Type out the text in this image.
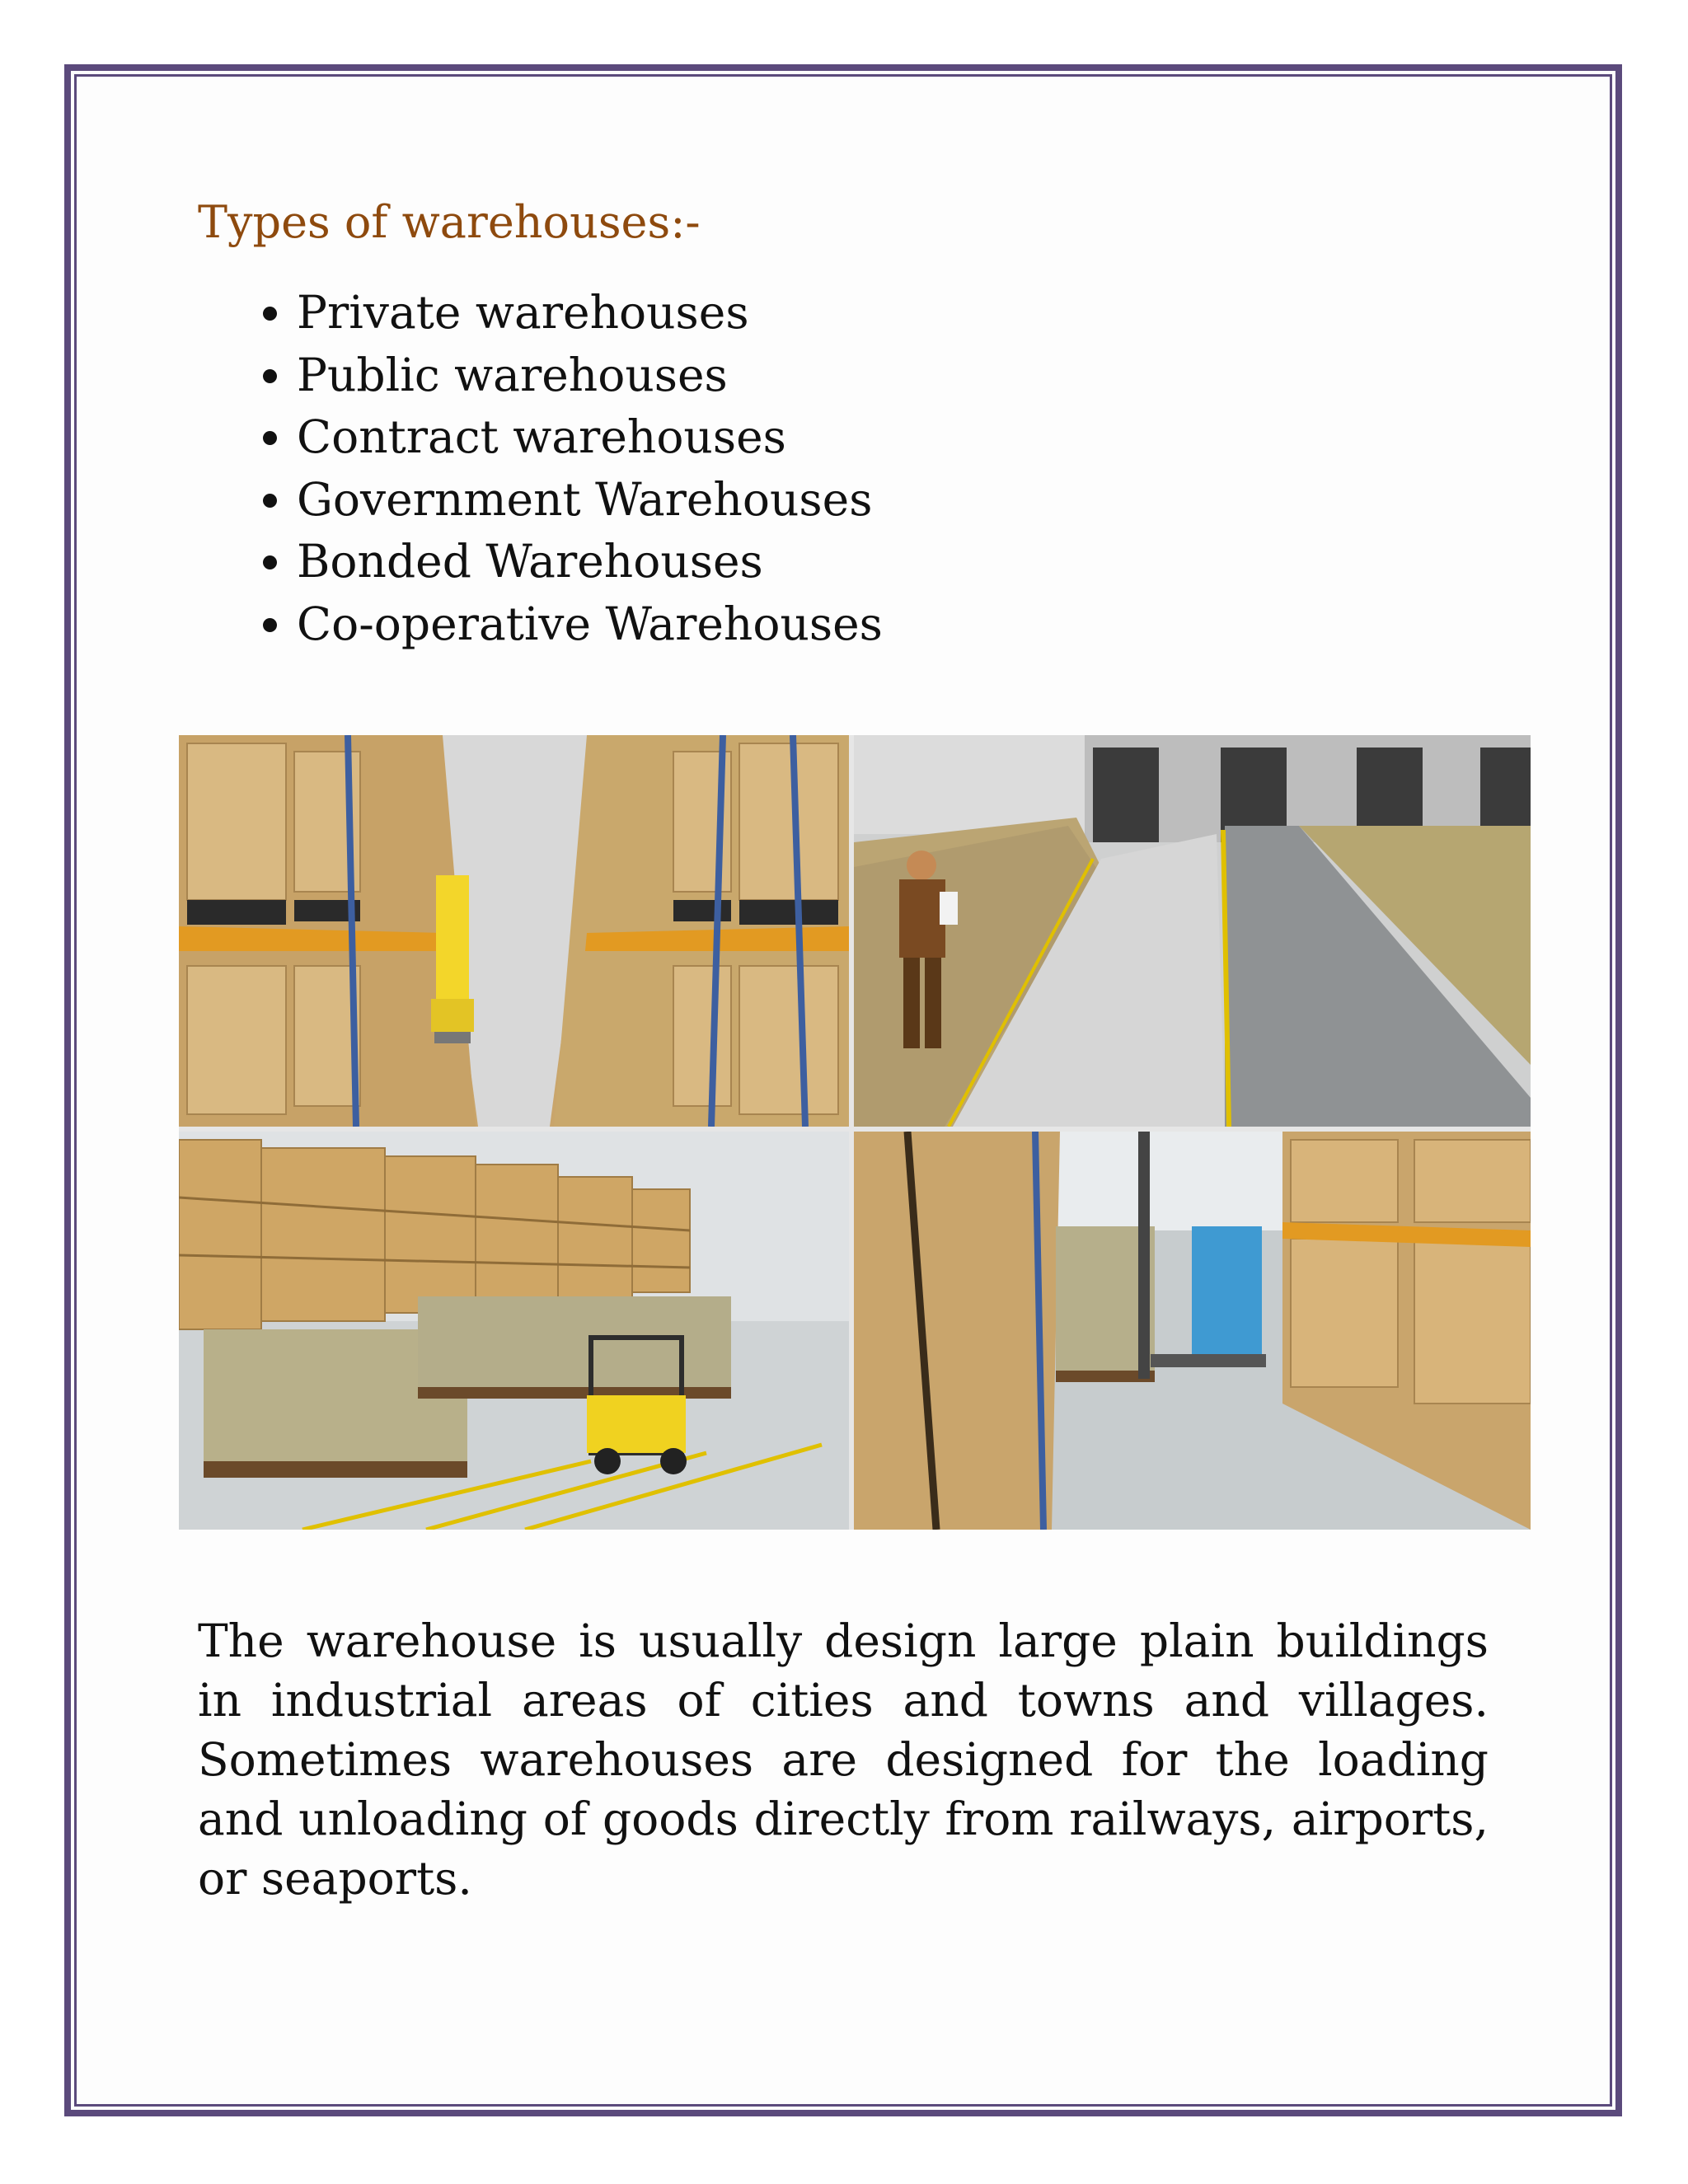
Types of warehouses:-
• Private warehouses
• Public warehouses
• Contract warehouses
• Government Warehouses
• Bonded Warehouses
• Co-operative Warehouses

The warehouse is usually design large plain buildings in industrial areas of cities and towns and villages. Sometimes warehouses are designed for the loading and unloading of goods directly from railways, airports, or seaports.
